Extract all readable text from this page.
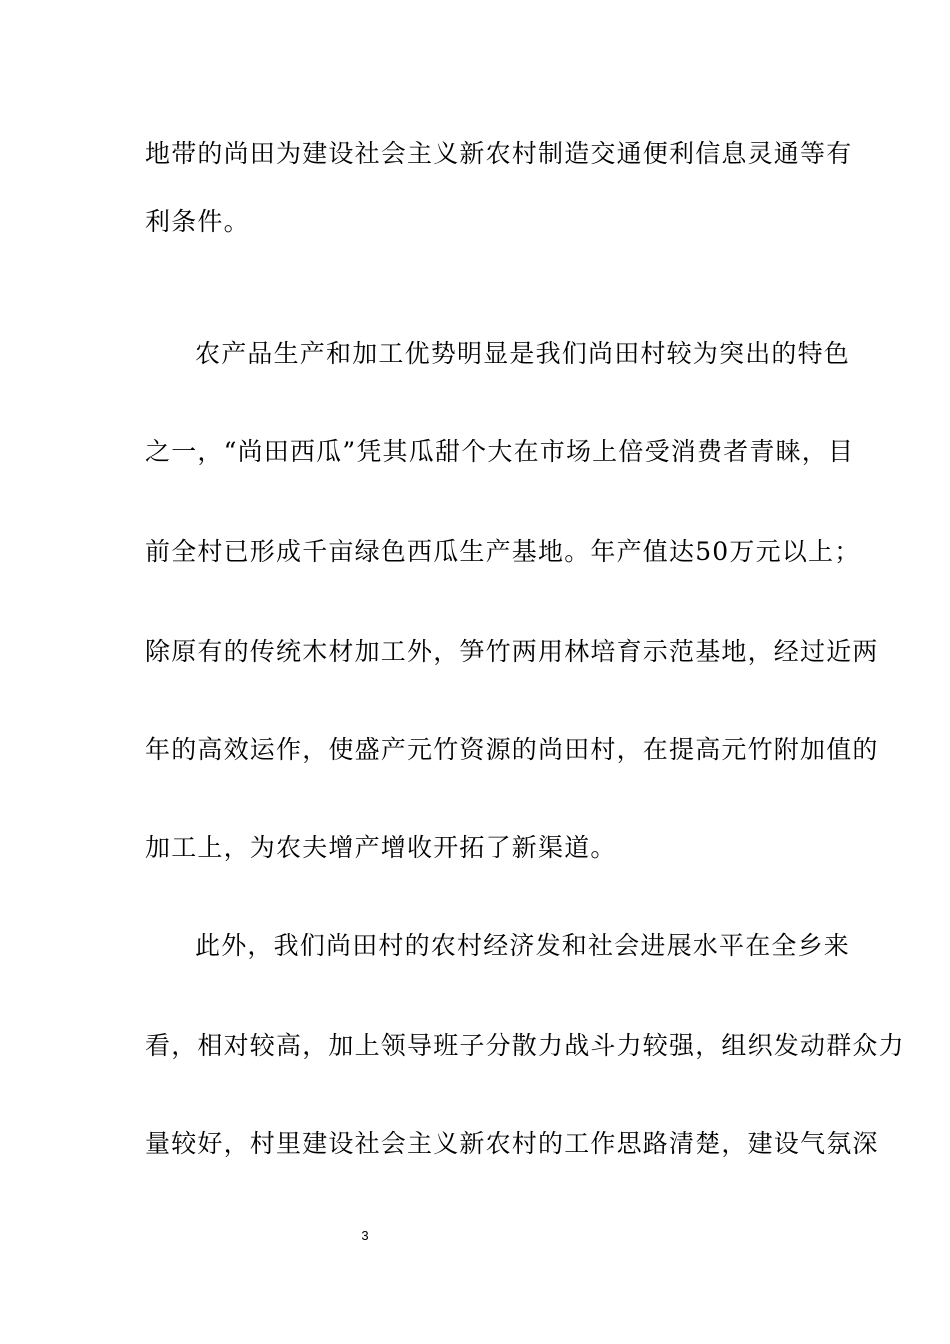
地带的尚田为建设社会主义新农村制造交通便利信息灵通等有
利条件。
农产品生产和加工优势明显是我们尚田村较为突出的特色
之一，“尚田西瓜”凭其瓜甜个大在市场上倍受消费者青睐，目
前全村已形成千亩绿色西瓜生产基地。年产值达50万元以上；
除原有的传统木材加工外，笋竹两用林培育示范基地，经过近两
年的高效运作，使盛产元竹资源的尚田村，在提高元竹附加值的
加工上，为农夫增产增收开拓了新渠道。
此外，我们尚田村的农村经济发和社会进展水平在全乡来
看，相对较高，加上领导班子分散力战斗力较强，组织发动群众力
量较好，村里建设社会主义新农村的工作思路清楚，建设气氛深
3
